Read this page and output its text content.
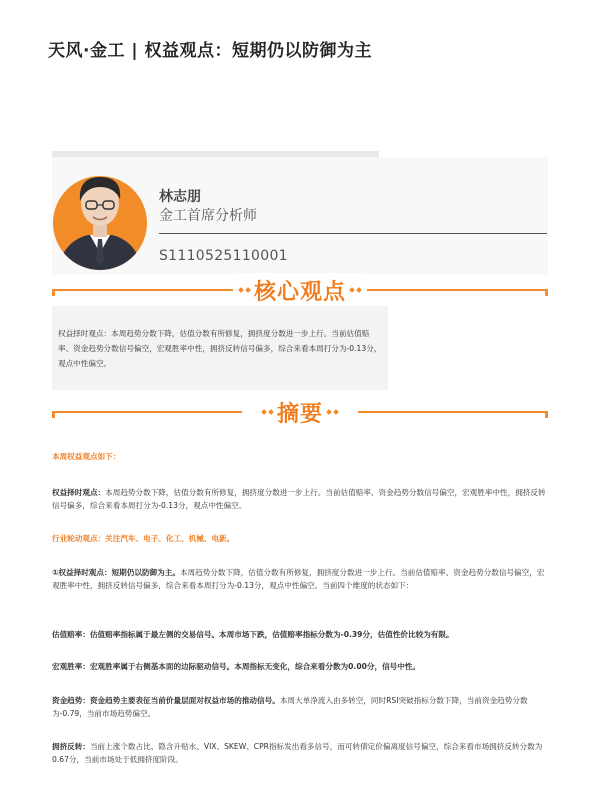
天风·金工 | 权益观点：短期仍以防御为主
林志朋
金工首席分析师
S1110525110001
核心观点
权益择时观点：本周趋势分数下降，估值分数有所修复，拥挤度分数进一步上行。当前估值赔率、资金趋势分数信号偏空，宏观胜率中性，拥挤反转信号偏多，综合来看本周打分为-0.13分，观点中性偏空。
摘要

本周权益观点如下：

权益择时观点：本周趋势分数下降，估值分数有所修复，拥挤度分数进一步上行。当前估值赔率、资金趋势分数信号偏空，宏观胜率中性，拥挤反转信号偏多，综合来看本周打分为-0.13分，观点中性偏空。

行业轮动观点：关注汽车、电子、化工、机械、电新。

①权益择时观点：短期仍以防御为主。本周趋势分数下降，估值分数有所修复，拥挤度分数进一步上行。当前估值赔率、资金趋势分数信号偏空，宏观胜率中性，拥挤反转信号偏多，综合来看本周打分为-0.13分，观点中性偏空。当前四个维度的状态如下：

估值赔率：估值赔率指标属于最左侧的交易信号。本周市场下跌，估值赔率指标分数为-0.39分，估值性价比较为有限。

宏观胜率：宏观胜率属于右侧基本面的边际驱动信号。本周指标无变化，综合来看分数为0.00分，信号中性。

资金趋势：资金趋势主要表征当前价量层面对权益市场的推动信号。本周大单净流入由多转空，同时RSI突破指标分数下降，当前资金趋势分数为-0.79，当前市场趋势偏空。

拥挤反转：当前上涨个数占比、隐含升贴水、VIX、SKEW、CPR指标发出看多信号，而可转债定价偏离度信号偏空，综合来看市场拥挤反转分数为0.67分，当前市场处于低拥挤度阶段。
